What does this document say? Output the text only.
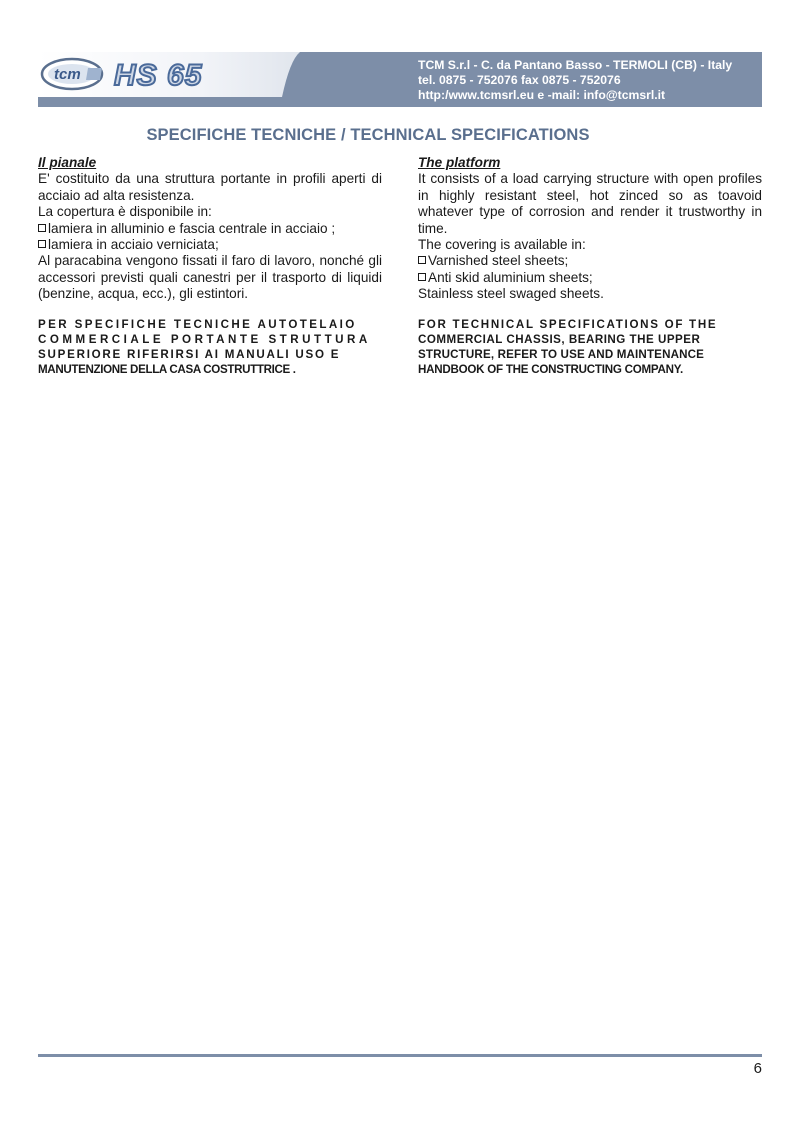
tcm HS 65	TCM S.r.l - C. da Pantano Basso - TERMOLI (CB) - Italy
tel. 0875 - 752076 fax 0875 - 752076
http:/www.tcmsrl.eu e -mail: info@tcmsrl.it
SPECIFICHE TECNICHE / TECHNICAL SPECIFICATIONS
Il pianale
E' costituito da una struttura portante in profili aperti di acciaio ad alta resistenza.
La copertura è disponibile in:
lamiera in alluminio e fascia centrale in acciaio ;
lamiera in acciaio verniciata;
Al paracabina vengono fissati il faro di lavoro, nonché gli accessori previsti quali canestri per il trasporto di liquidi (benzine, acqua, ecc.), gli estintori.
PER SPECIFICHE TECNICHE AUTOTELAIO
COMMERCIALE PORTANTE STRUTTURA
SUPERIORE RIFERIRSI AI MANUALI USO E
MANUTENZIONE DELLA CASA COSTRUTTRICE .
The platform
It consists of a load carrying structure with open profiles in highly resistant steel, hot zinced so as toavoid whatever type of corrosion and render it trustworthy in time.
The covering is available in:
Varnished steel sheets;
Anti skid aluminium sheets;
Stainless steel swaged sheets.
FOR TECHNICAL SPECIFICATIONS OF THE
COMMERCIAL CHASSIS, BEARING THE UPPER
STRUCTURE, REFER TO USE AND MAINTENANCE
HANDBOOK OF THE CONSTRUCTING COMPANY.
6
